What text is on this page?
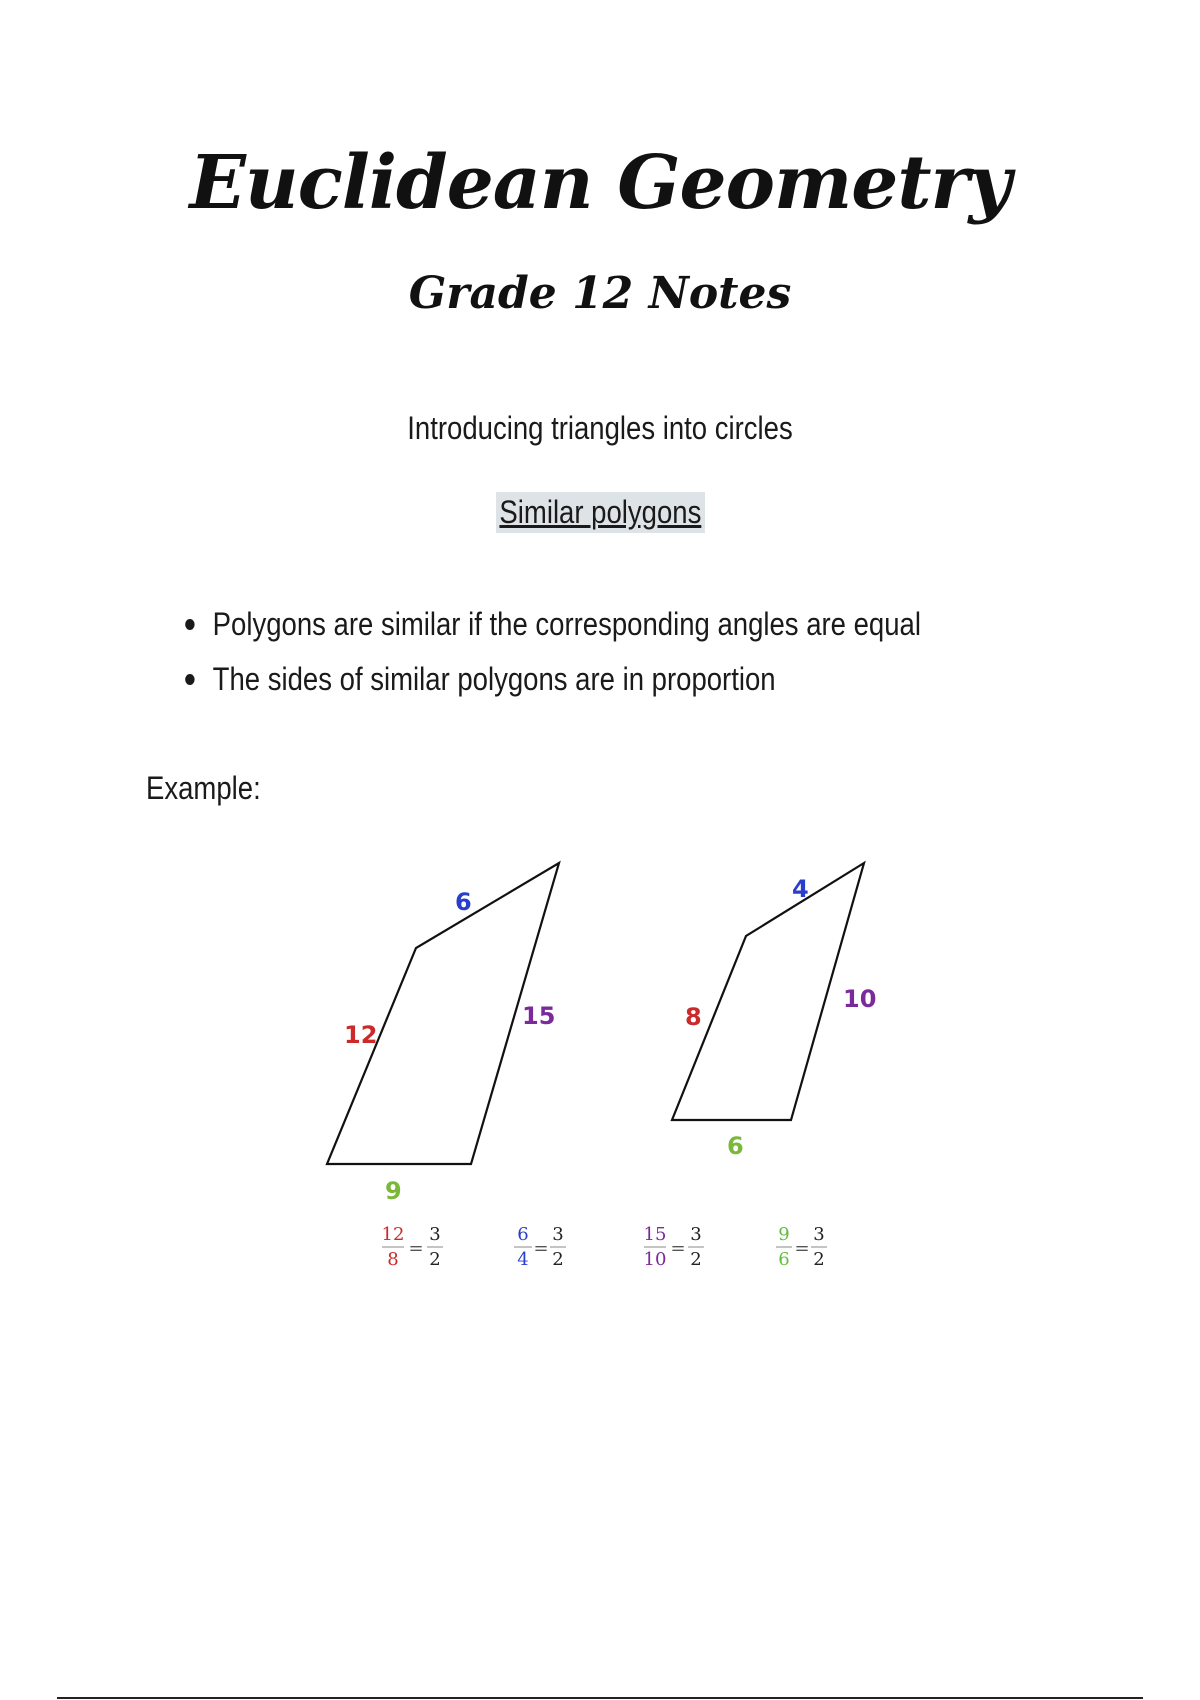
Euclidean Geometry
Grade 12 Notes
Introducing triangles into circles
Similar polygons
Polygons are similar if the corresponding angles are equal
The sides of similar polygons are in proportion
Example:
6
12
15
9
4
8
10
6
12
8
=
3
2
6
4
=
3
2
15
10
=
3
2
9
6
=
3
2
